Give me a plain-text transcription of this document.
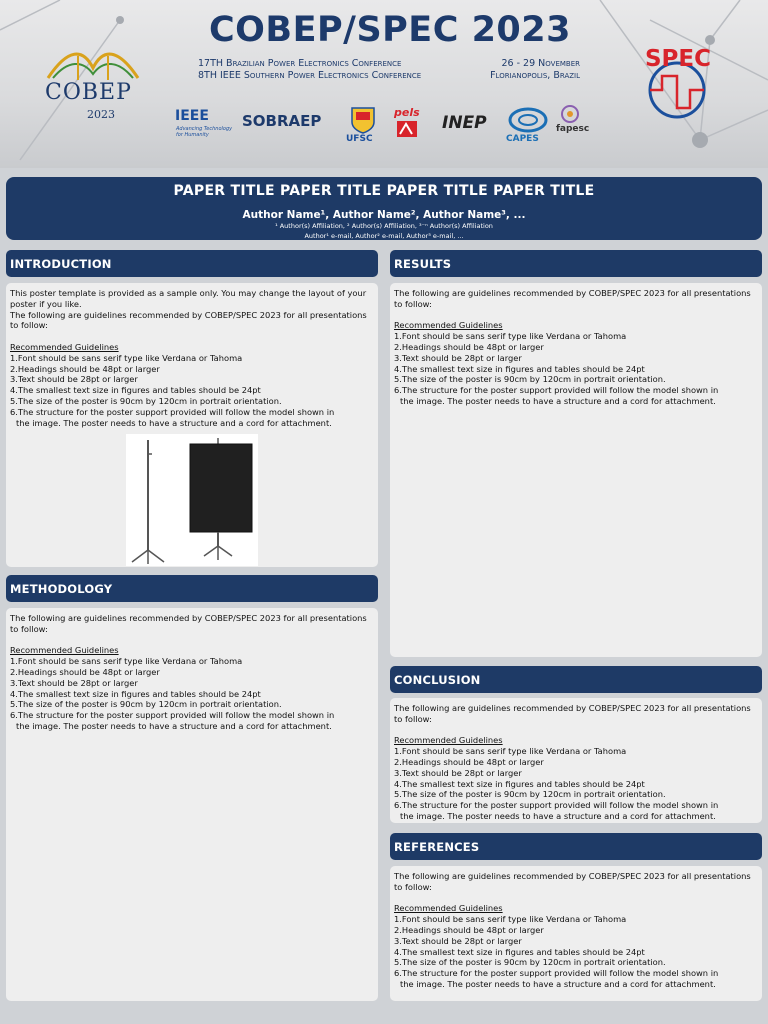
COBEP
2023
COBEP/SPEC 2023
17TH Brazilian Power Electronics Conference
8TH IEEE Southern Power Electronics Conference
26 - 29 November
Florianopolis, Brazil
SPEC
IEEE
Advancing Technology for Humanity
SOBRAEP
UFSC
pels
INEP
CAPES
fapesc
PAPER TITLE PAPER TITLE PAPER TITLE PAPER TITLE
Author Name¹, Author Name², Author Name³, ...
¹ Author(s) Affiliation, ² Author(s) Affiliation, ³⁻ⁿ Author(s) Affiliation
Author¹ e-mail, Author² e-mail, Author³ e-mail, ...
INTRODUCTION

This poster template is provided as a sample only. You may change the layout of your poster if you like.

The following are guidelines recommended by COBEP/SPEC 2023 for all presentations to follow:

Recommended Guidelines

1.Font should be sans serif type like Verdana or Tahoma

2.Headings should be 48pt or larger

3.Text should be 28pt or larger

4.The smallest text size in figures and tables should be 24pt

5.The size of the poster is 90cm by 120cm in portrait orientation.

6.The structure for the poster support provided will follow the model shown in

the image. The poster needs to have a structure and a cord for attachment.

METHODOLOGY

The following are guidelines recommended by COBEP/SPEC 2023 for all presentations to follow:

Recommended Guidelines

1.Font should be sans serif type like Verdana or Tahoma

2.Headings should be 48pt or larger

3.Text should be 28pt or larger

4.The smallest text size in figures and tables should be 24pt

5.The size of the poster is 90cm by 120cm in portrait orientation.

6.The structure for the poster support provided will follow the model shown in

the image. The poster needs to have a structure and a cord for attachment.

RESULTS

The following are guidelines recommended by COBEP/SPEC 2023 for all presentations to follow:

Recommended Guidelines

1.Font should be sans serif type like Verdana or Tahoma

2.Headings should be 48pt or larger

3.Text should be 28pt or larger

4.The smallest text size in figures and tables should be 24pt

5.The size of the poster is 90cm by 120cm in portrait orientation.

6.The structure for the poster support provided will follow the model shown in

the image. The poster needs to have a structure and a cord for attachment.

CONCLUSION

The following are guidelines recommended by COBEP/SPEC 2023 for all presentations to follow:

Recommended Guidelines

1.Font should be sans serif type like Verdana or Tahoma

2.Headings should be 48pt or larger

3.Text should be 28pt or larger

4.The smallest text size in figures and tables should be 24pt

5.The size of the poster is 90cm by 120cm in portrait orientation.

6.The structure for the poster support provided will follow the model shown in

the image. The poster needs to have a structure and a cord for attachment.

REFERENCES

The following are guidelines recommended by COBEP/SPEC 2023 for all presentations to follow:

Recommended Guidelines

1.Font should be sans serif type like Verdana or Tahoma

2.Headings should be 48pt or larger

3.Text should be 28pt or larger

4.The smallest text size in figures and tables should be 24pt

5.The size of the poster is 90cm by 120cm in portrait orientation.

6.The structure for the poster support provided will follow the model shown in

the image. The poster needs to have a structure and a cord for attachment.
